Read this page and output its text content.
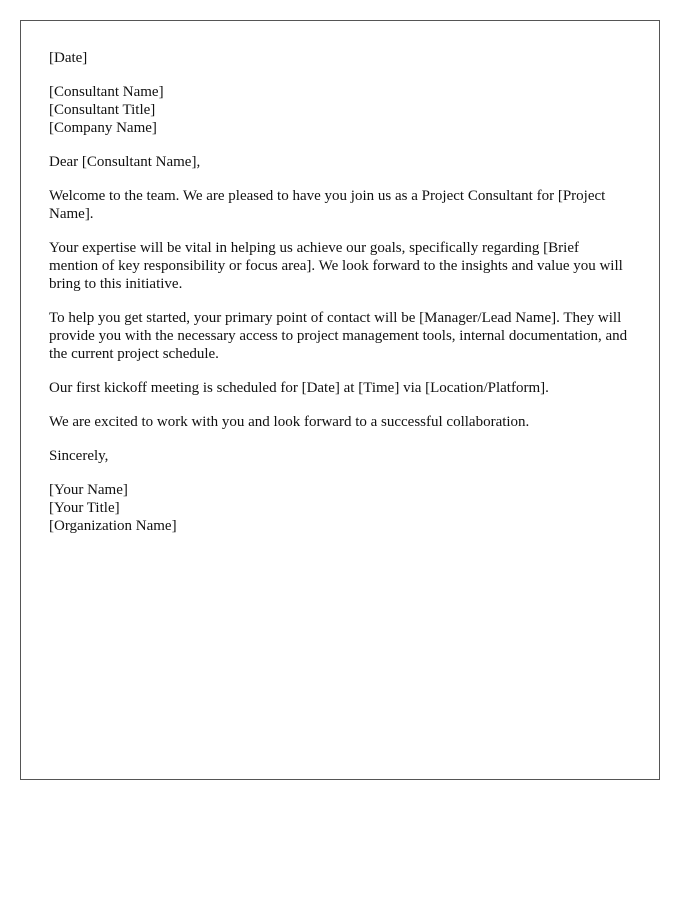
[Date]
[Consultant Name]
[Consultant Title]
[Company Name]

Dear [Consultant Name],

Welcome to the team. We are pleased to have you join us as a Project Consultant for [Project Name].

Your expertise will be vital in helping us achieve our goals, specifically regarding [Brief mention of key responsibility or focus area]. We look forward to the insights and value you will bring to this initiative.

To help you get started, your primary point of contact will be [Manager/Lead Name]. They will provide you with the necessary access to project management tools, internal documentation, and the current project schedule.

Our first kickoff meeting is scheduled for [Date] at [Time] via [Location/Platform].

We are excited to work with you and look forward to a successful collaboration.

Sincerely,

[Your Name]
[Your Title]
[Organization Name]
